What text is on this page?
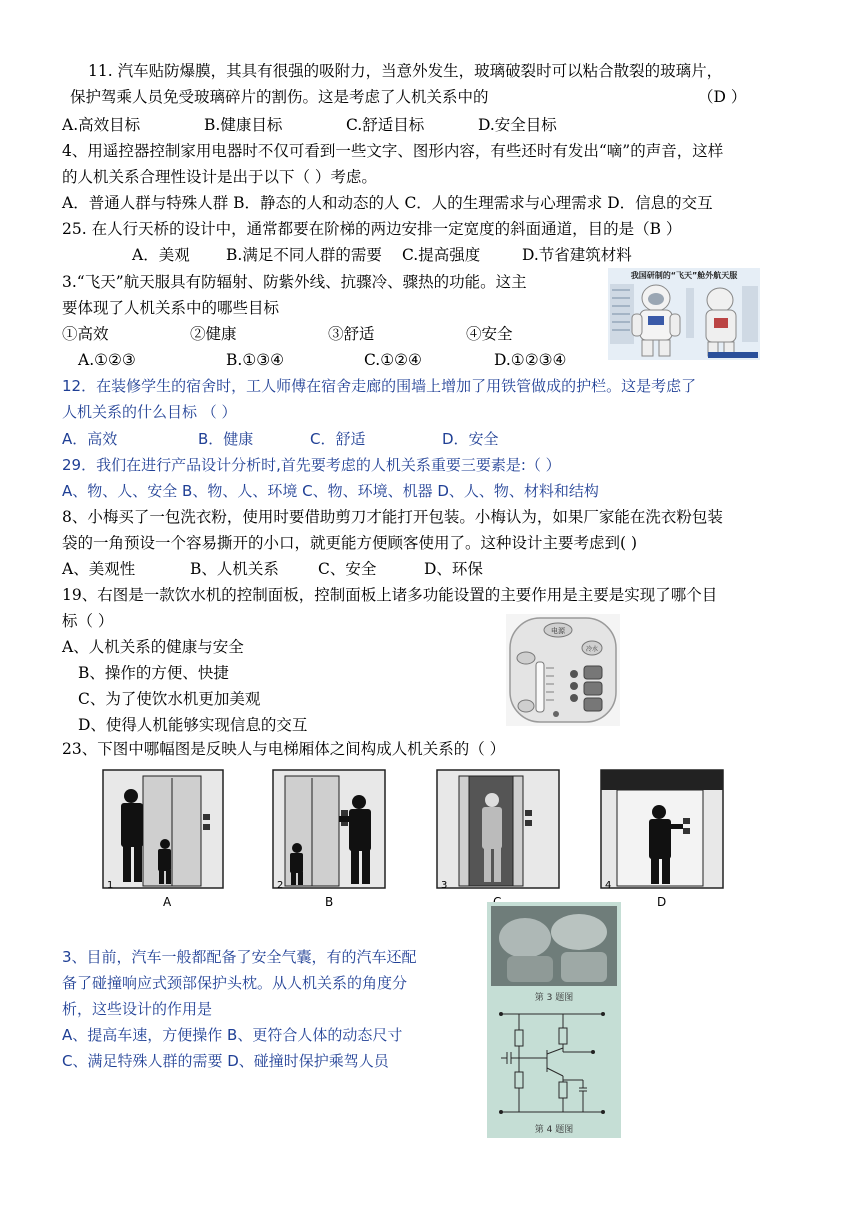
11. 汽车贴防爆膜，其具有很强的吸附力，当意外发生，玻璃破裂时可以粘合散裂的玻璃片，
保护驾乘人员免受玻璃碎片的割伤。这是考虑了人机关系中的	（D ）
A.高效目标	B.健康目标	C.舒适目标	D.安全目标
4、用遥控器控制家用电器时不仅可看到一些文字、图形内容，有些还时有发出“嘀”的声音，这样
的人机关系合理性设计是出于以下（ ）考虑。
A．普通人群与特殊人群 B．静态的人和动态的人 C．人的生理需求与心理需求 D．信息的交互
25. 在人行天桥的设计中，通常都要在阶梯的两边安排一定宽度的斜面通道，目的是（B ）
A．美观 B.满足不同人群的需要 C.提高强度	D.节省建筑材料
3.“飞天”航天服具有防辐射、防紫外线、抗骤冷、骤热的功能。这主
要体现了人机关系中的哪些目标
①高效	②健康	③舒适	④安全
A.①②③	B.①③④	C.①②④	D.①②③④
我国研制的“飞天”舱外航天服
12．在装修学生的宿舍时，工人师傅在宿舍走廊的围墙上增加了用铁管做成的护栏。这是考虑了
人机关系的什么目标 （ ）
A．高效	B．健康	C．舒适	D．安全
29．我们在进行产品设计分析时,首先要考虑的人机关系重要三要素是:（ ）
A、物、人、安全 B、物、人、环境 C、物、环境、机器 D、人、物、材料和结构
8、小梅买了一包洗衣粉，使用时要借助剪刀才能打开包装。小梅认为，如果厂家能在洗衣粉包装
袋的一角预设一个容易撕开的小口，就更能方便顾客使用了。这种设计主要考虑到( )
A、美观性	B、人机关系	C、安全	D、环保
19、右图是一款饮水机的控制面板，控制面板上诸多功能设置的主要作用是主要是实现了哪个目
标（ ）
A、人机关系的健康与安全
B、操作的方便、快捷
C、为了使饮水机更加美观
D、使得人机能够实现信息的交互
电源
冷水
23、下图中哪幅图是反映人与电梯厢体之间构成人机关系的（ ）
1
A
2
B
3	4
D
3、目前，汽车一般都配备了安全气囊，有的汽车还配
备了碰撞响应式颈部保护头枕。从人机关系的角度分
析，这些设计的作用是
A、提高车速，方便操作 B、更符合人体的动态尺寸
C、满足特殊人群的需要 D、碰撞时保护乘驾人员
第 3 题图
第 4 题图
